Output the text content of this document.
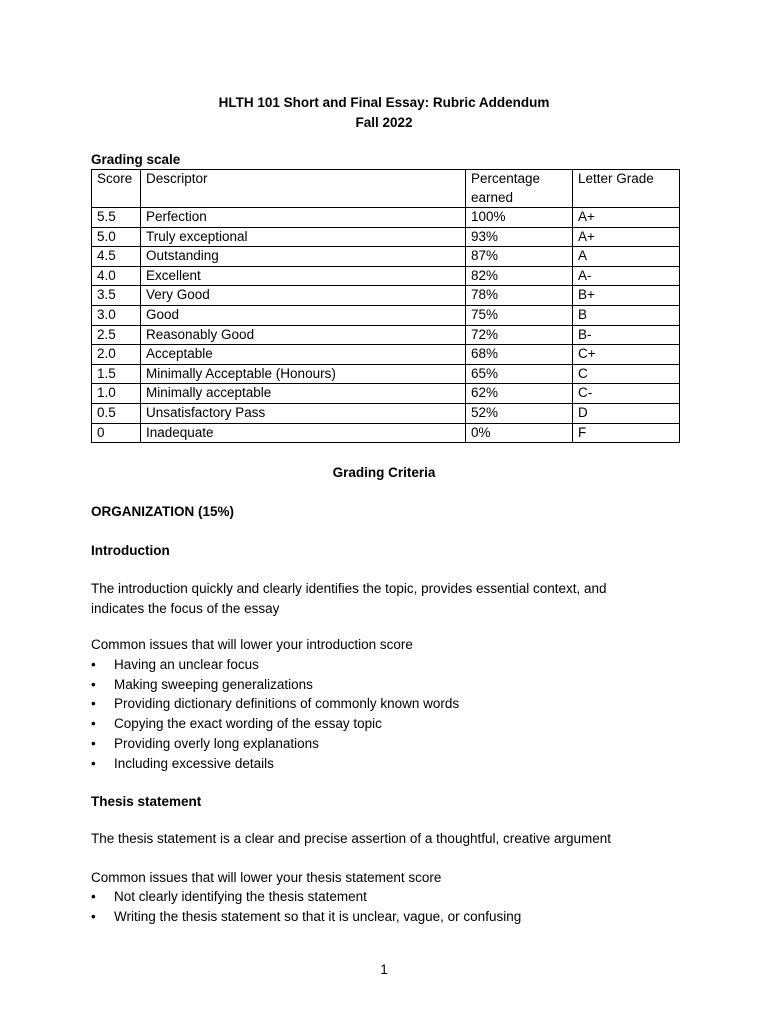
HLTH 101 Short and Final Essay: Rubric Addendum
Fall 2022
Grading scale
Score	Descriptor	Percentage earned	Letter Grade
5.5	Perfection	100%	A+
5.0	Truly exceptional	93%	A+
4.5	Outstanding	87%	A
4.0	Excellent	82%	A-
3.5	Very Good	78%	B+
3.0	Good	75%	B
2.5	Reasonably Good	72%	B-
2.0	Acceptable	68%	C+
1.5	Minimally Acceptable (Honours)	65%	C
1.0	Minimally acceptable	62%	C-
0.5	Unsatisfactory Pass	52%	D
0	Inadequate	0%	F
Grading Criteria
ORGANIZATION (15%)
Introduction
The introduction quickly and clearly identifies the topic, provides essential context, and
indicates the focus of the essay
Common issues that will lower your introduction score
•	Having an unclear focus
•	Making sweeping generalizations
•	Providing dictionary definitions of commonly known words
•	Copying the exact wording of the essay topic
•	Providing overly long explanations
•	Including excessive details
Thesis statement
The thesis statement is a clear and precise assertion of a thoughtful, creative argument
Common issues that will lower your thesis statement score
•	Not clearly identifying the thesis statement
•	Writing the thesis statement so that it is unclear, vague, or confusing
1
